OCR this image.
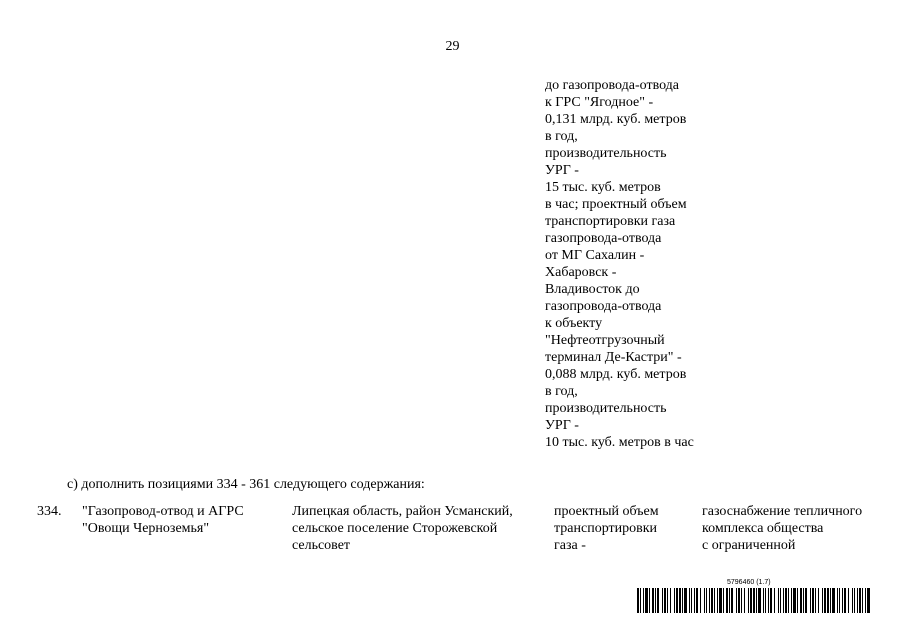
29
до газопровода-отвода
к ГРС "Ягодное" -
0,131 млрд. куб. метров
в год,
производительность
УРГ -
15 тыс. куб. метров
в час; проектный объем
транспортировки газа
газопровода-отвода
от МГ Сахалин -
Хабаровск -
Владивосток до
газопровода-отвода
к объекту
"Нефтеотгрузочный
терминал Де-Кастри" -
0,088 млрд. куб. метров
в год,
производительность
УРГ -
10 тыс. куб. метров в час
с) дополнить позициями 334 - 361 следующего содержания:
334. "Газопровод-отвод и АГРС
"Овощи Черноземья"
Липецкая область, район Усманский,
сельское поселение Сторожевской
сельсовет
проектный объем
транспортировки
газа -
газоснабжение тепличного
комплекса общества
с ограниченной
5796460 (1.7)
